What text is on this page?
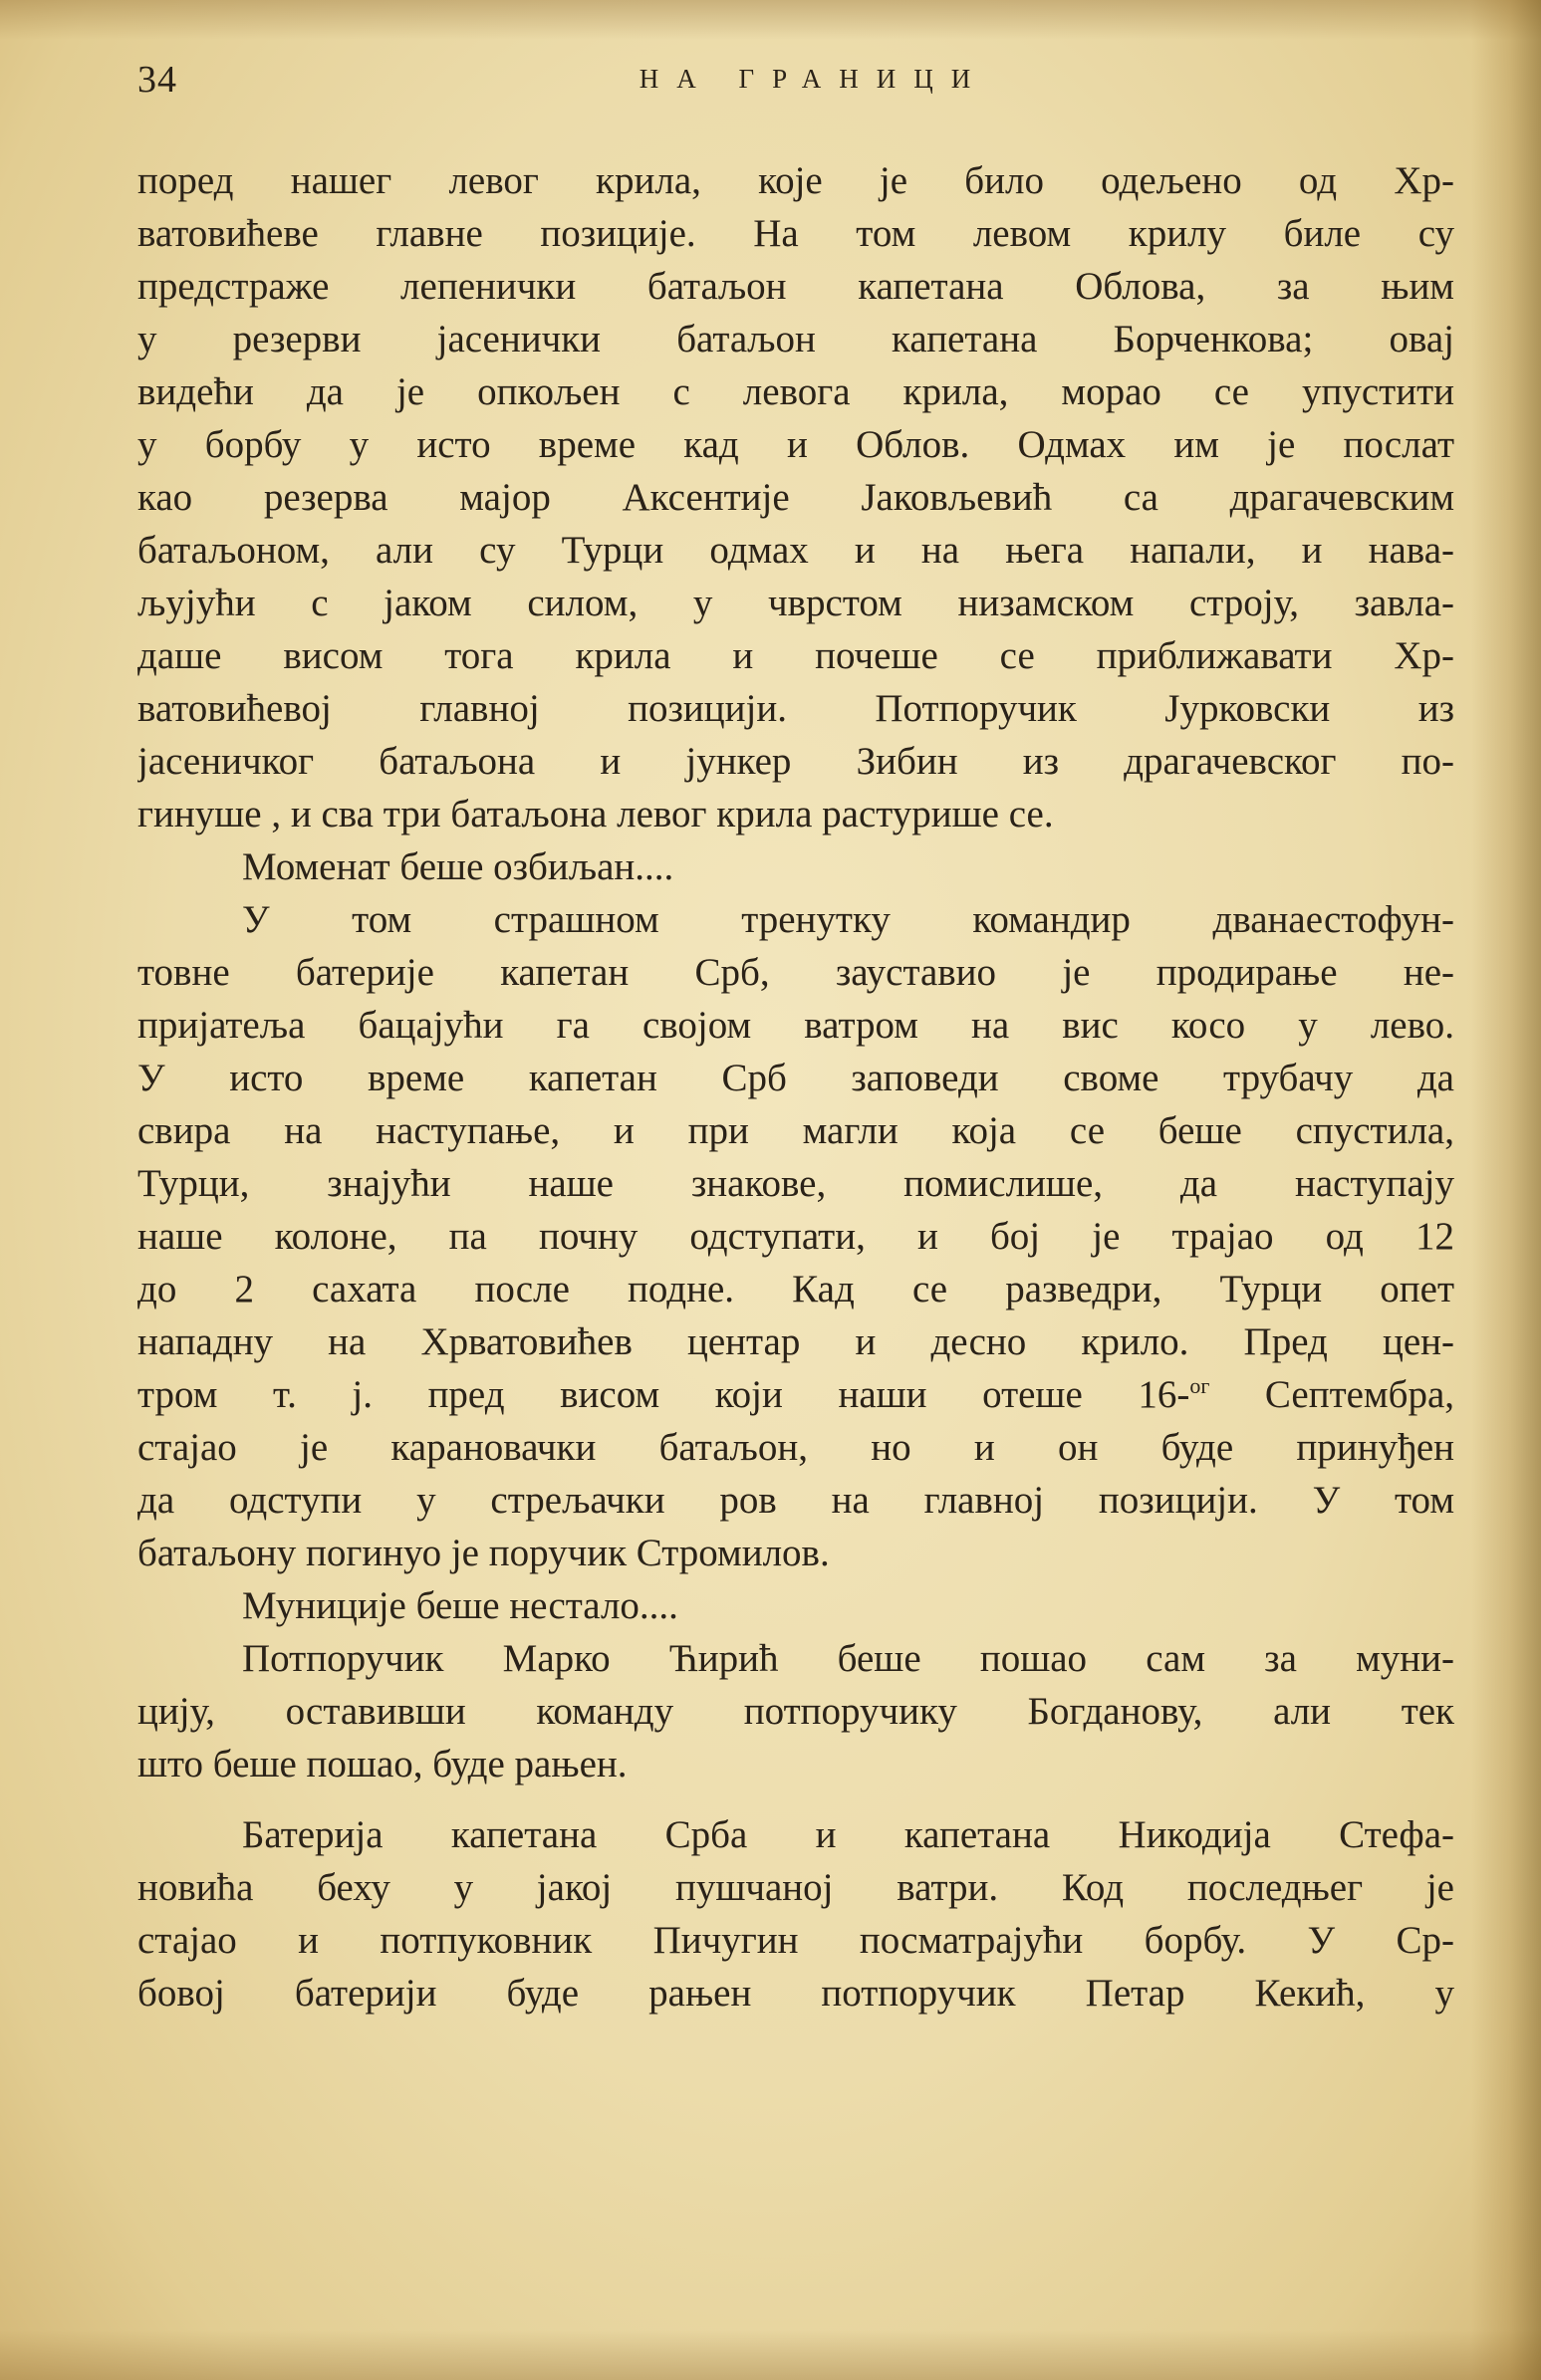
34	НА ГРАНИЦИ
поред нашег левог крила, које је било одељено од Хр-
ватовићеве главне позиције. На том левом крилу биле су
предстраже лепенички батаљон капетана Облова, за њим
у резерви јасенички батаљон капетана Борченкова; овај
видећи да је опкољен с левога крила, морао се упустити
у борбу у исто време кад и Облов. Одмах им је послат
као резерва мајор Аксентије Јаковљевић са драгачевским
батаљоном, али су Турци одмах и на њега напали, и нава-
љујући с јаком силом, у чврстом низамском строју, завла-
даше висом тога крила и почеше се приближавати Хр-
ватовићевој главној позицији. Потпоручик Јурковски из
јасеничког батаљона и јункер Зибин из драгачевског по-
гинуше , и сва три батаљона левог крила растурише се.
Моменат беше озбиљан....
У том страшном тренутку командир дванаестофун-
товне батерије капетан Срб, зауставио је продирање не-
пријатеља бацајући га својом ватром на вис косо у лево.
У исто време капетан Срб заповеди своме трубачу да
свира на наступање, и при магли која се беше спустила,
Турци, знајући наше знакове, помислише, да наступају
наше колоне, па почну одступати, и бој је трајао од 12
до 2 сахата после подне. Кад се разведри, Турци опет
нападну на Хрватовићев центар и десно крило. Пред цен-
тром т. ј. пред висом који наши отеше 16-$^{ог}$ Септембра,
стајао је карановачки батаљон, но и он буде принуђен
да одступи у стрељачки ров на главној позицији. У том
батаљону погинуо је поручик Стромилов.
Муниције беше нестало....
Потпоручик Марко Ћирић беше пошао сам за муни-
цију, оставивши команду потпоручику Богданову, али тек
што беше пошао, буде рањен.
Батерија капетана Срба и капетана Никодија Стефа-
новића беху у јакој пушчаној ватри. Код последњег је
стајао и потпуковник Пичугин посматрајући борбу. У Ср-
бовој батерији буде рањен потпоручик Петар Кекић, у
